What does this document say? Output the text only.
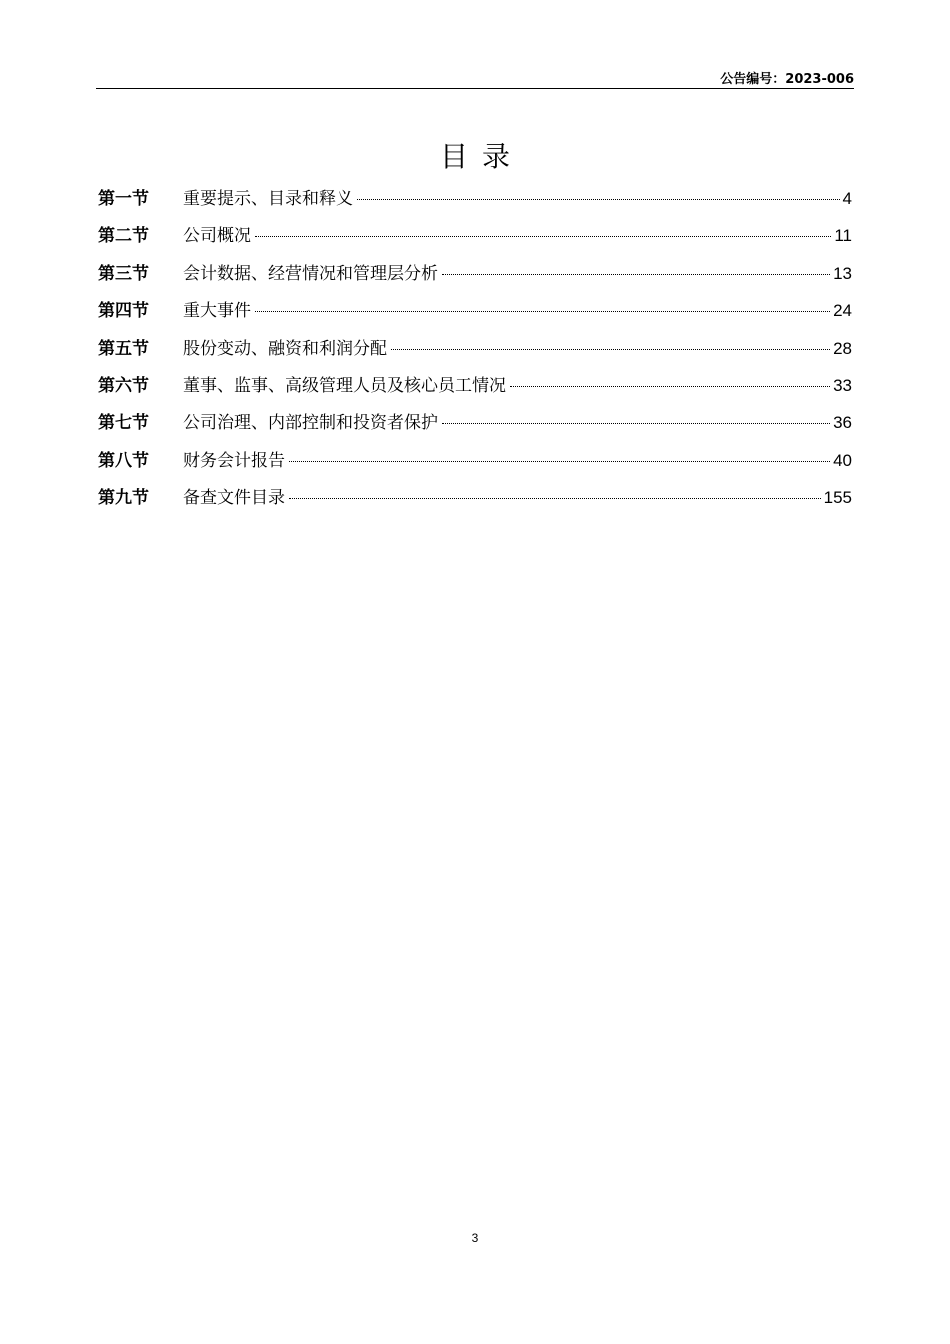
公告编号：2023-006
目录
第一节	重要提示、目录和释义	4
第二节	公司概况	11
第三节	会计数据、经营情况和管理层分析	13
第四节	重大事件	24
第五节	股份变动、融资和利润分配	28
第六节	董事、监事、高级管理人员及核心员工情况	33
第七节	公司治理、内部控制和投资者保护	36
第八节	财务会计报告	40
第九节	备查文件目录	155
3
